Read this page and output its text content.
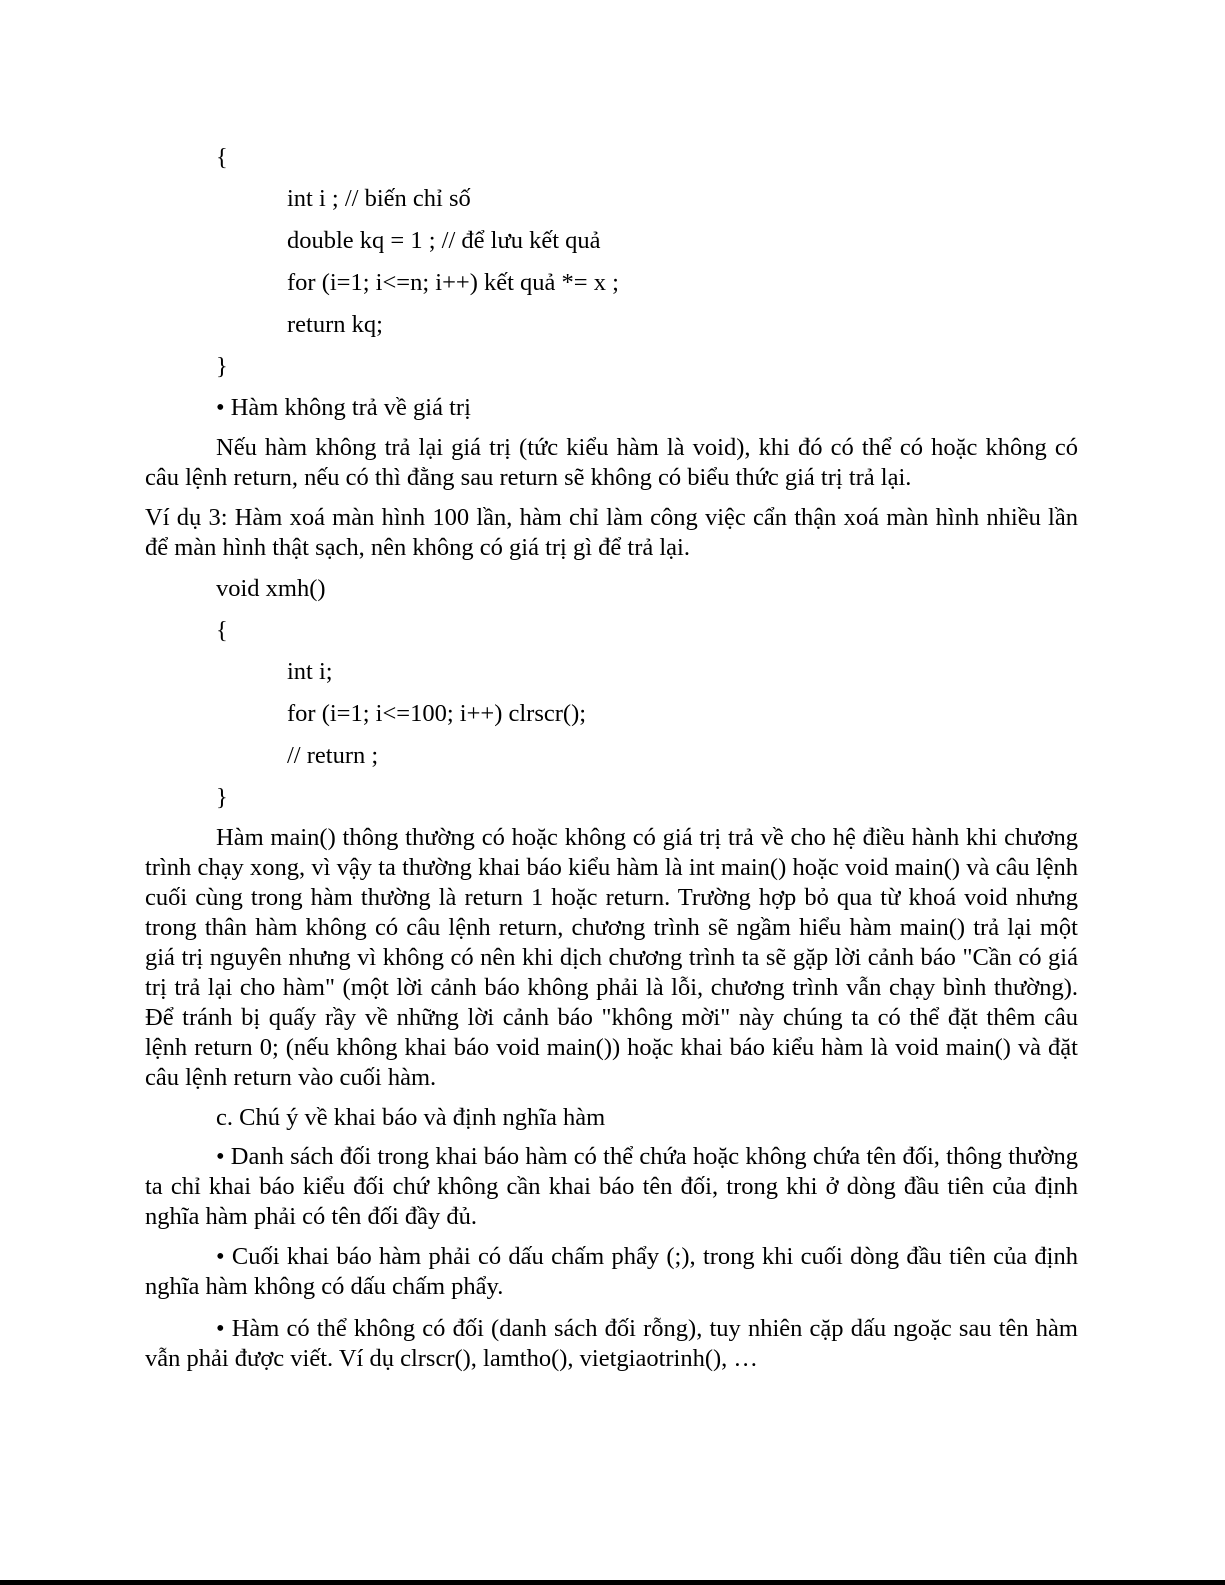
{
int i ; // biến chỉ số
double kq = 1 ; // để lưu kết quả
for (i=1; i<=n; i++) kết quả *= x ;
return kq;
}
• Hàm không trả về giá trị
Nếu hàm không trả lại giá trị (tức kiểu hàm là void), khi đó có thể có hoặc không có câu lệnh return, nếu có thì đằng sau return sẽ không có biểu thức giá trị trả lại.
Ví dụ 3: Hàm xoá màn hình 100 lần, hàm chỉ làm công việc cẩn thận xoá màn hình nhiều lần để màn hình thật sạch, nên không có giá trị gì để trả lại.
void xmh()
{
int i;
for (i=1; i<=100; i++) clrscr();
// return ;
}
Hàm main() thông thường có hoặc không có giá trị trả về cho hệ điều hành khi chương trình chạy xong, vì vậy ta thường khai báo kiểu hàm là int main() hoặc void main() và câu lệnh cuối cùng trong hàm thường là return 1 hoặc return. Trường hợp bỏ qua từ khoá void nhưng trong thân hàm không có câu lệnh return, chương trình sẽ ngầm hiểu hàm main() trả lại một giá trị nguyên nhưng vì không có nên khi dịch chương trình ta sẽ gặp lời cảnh báo "Cần có giá trị trả lại cho hàm" (một lời cảnh báo không phải là lỗi, chương trình vẫn chạy bình thường). Để tránh bị quấy rầy về những lời cảnh báo "không mời" này chúng ta có thể đặt thêm câu lệnh return 0; (nếu không khai báo void main()) hoặc khai báo kiểu hàm là void main() và đặt câu lệnh return vào cuối hàm.
c. Chú ý về khai báo và định nghĩa hàm
• Danh sách đối trong khai báo hàm có thể chứa hoặc không chứa tên đối, thông thường ta chỉ khai báo kiểu đối chứ không cần khai báo tên đối, trong khi ở dòng đầu tiên của định nghĩa hàm phải có tên đối đầy đủ.
• Cuối khai báo hàm phải có dấu chấm phẩy (;), trong khi cuối dòng đầu tiên của định nghĩa hàm không có dấu chấm phẩy.
• Hàm có thể không có đối (danh sách đối rỗng), tuy nhiên cặp dấu ngoặc sau tên hàm vẫn phải được viết. Ví dụ clrscr(), lamtho(), vietgiaotrinh(), …
